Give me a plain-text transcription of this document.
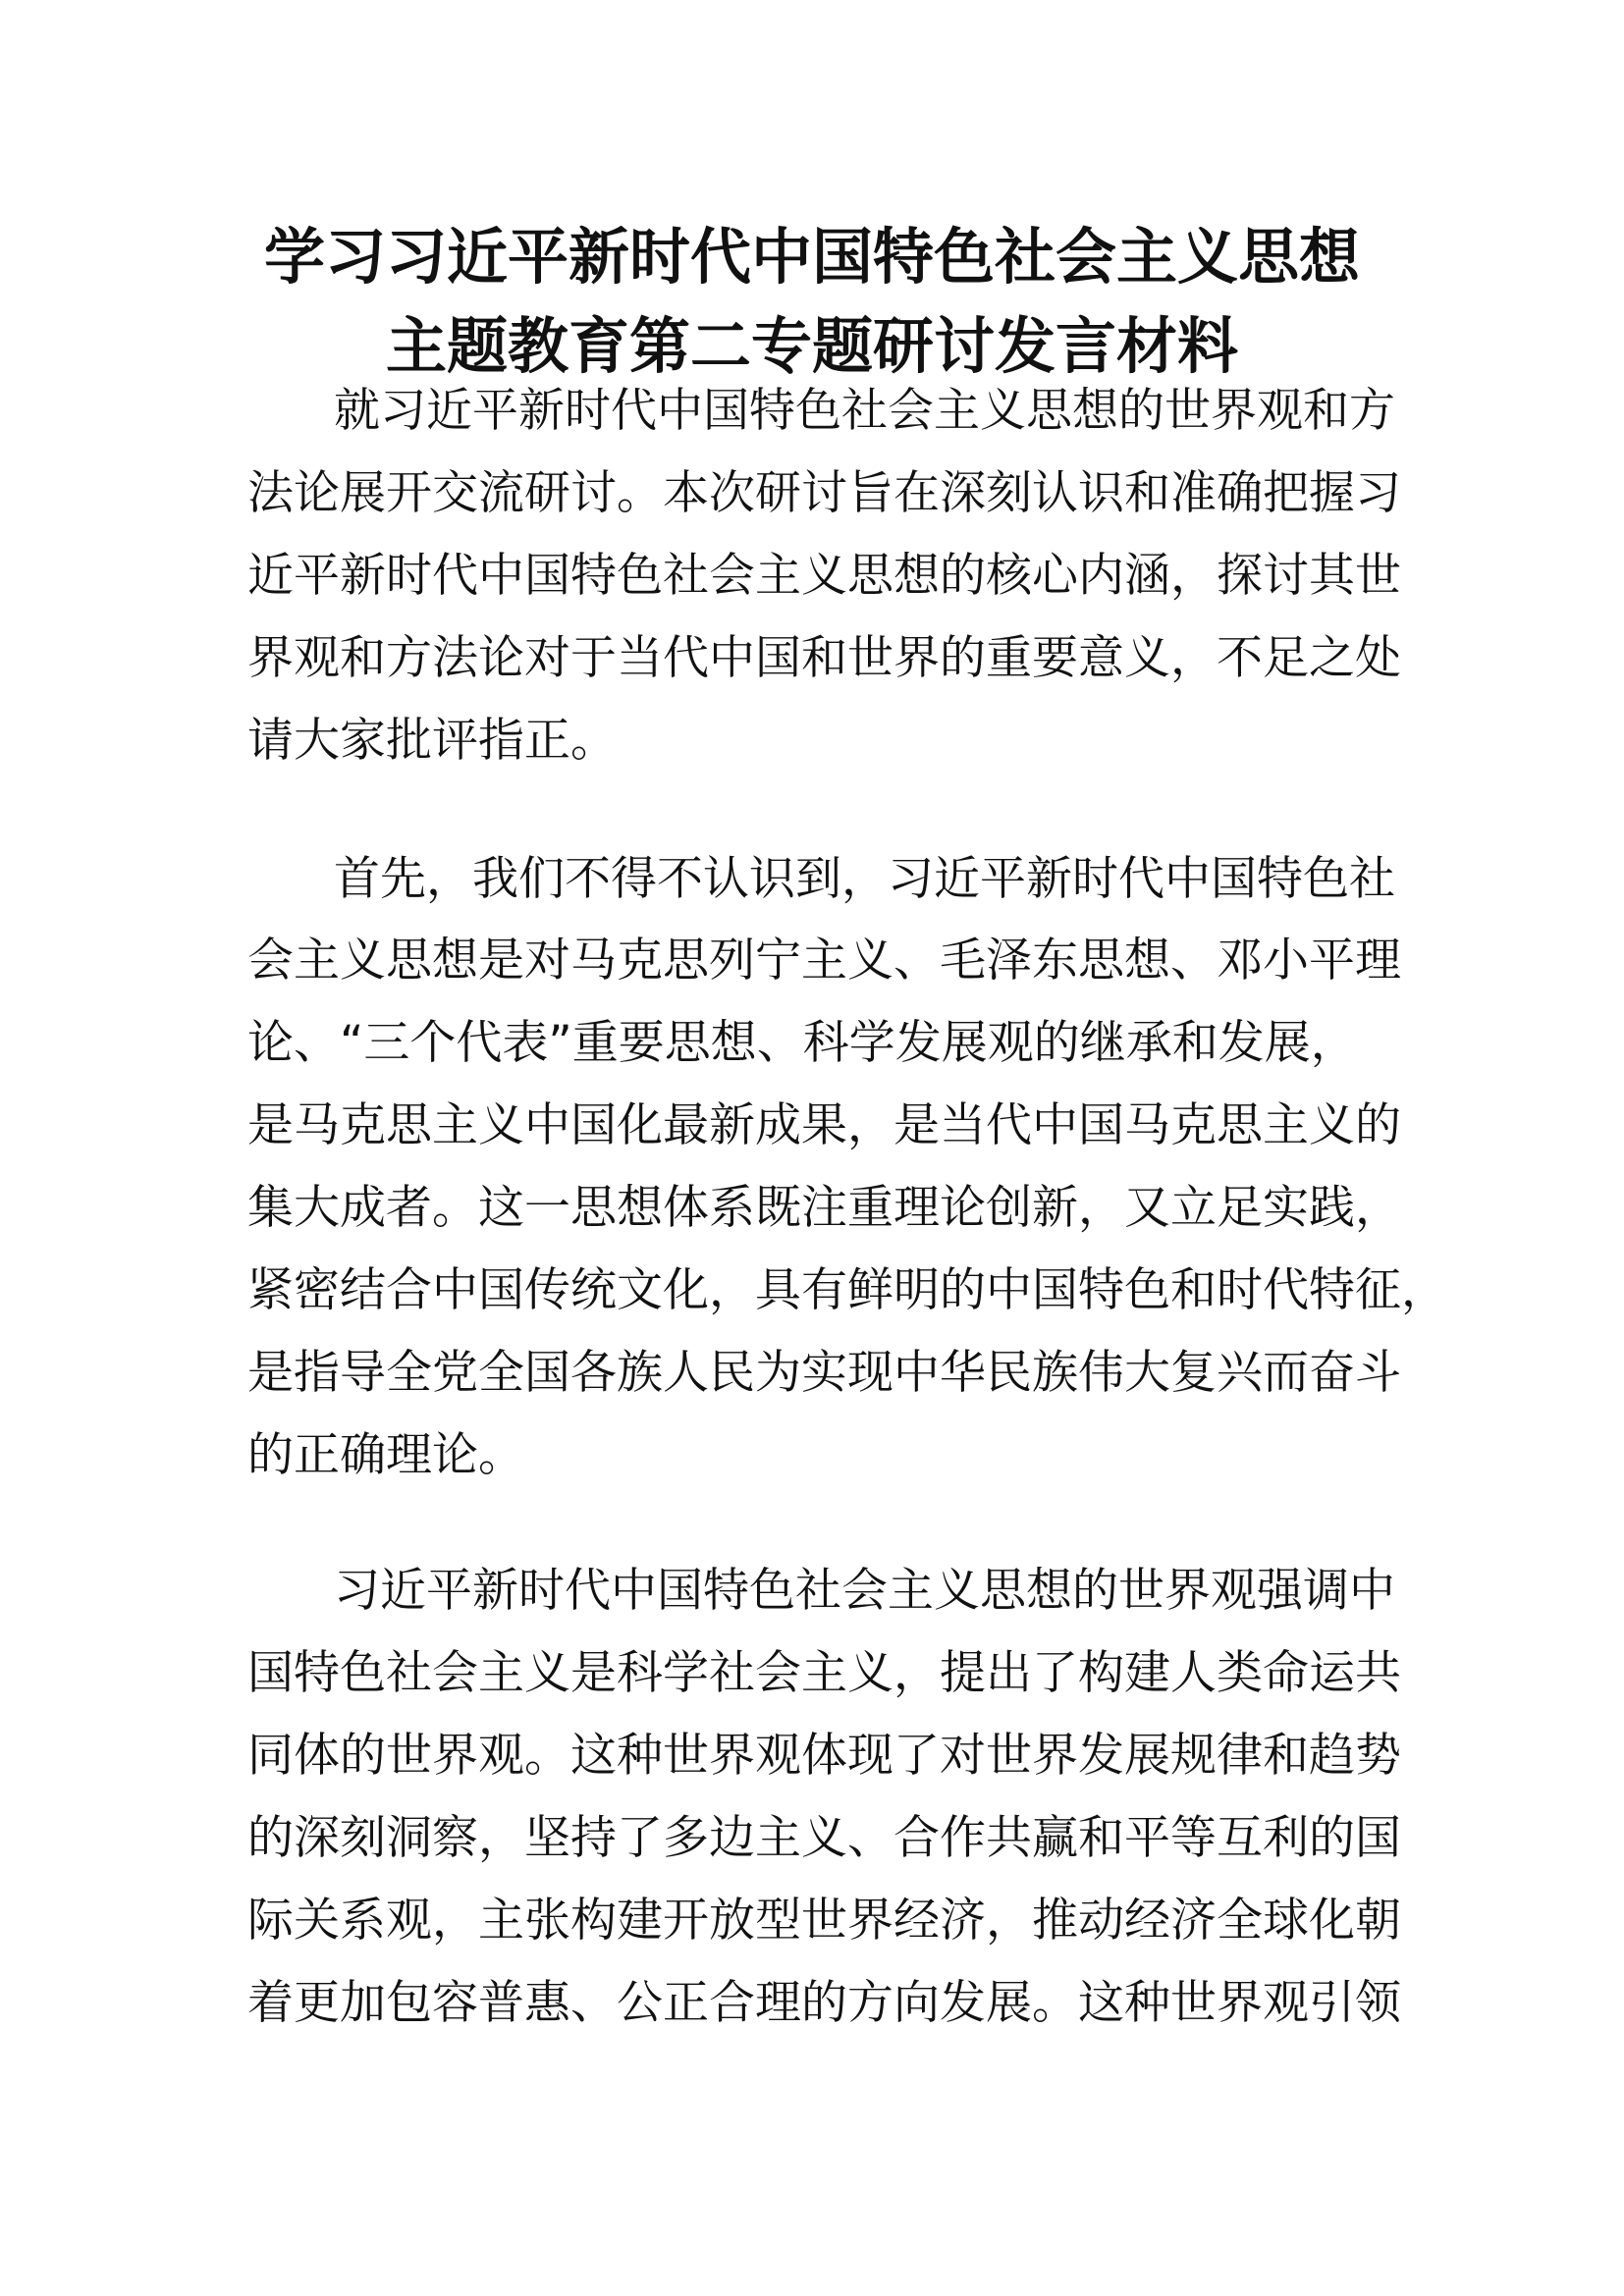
学习习近平新时代中国特色社会主义思想
主题教育第二专题研讨发言材料

就习近平新时代中国特色社会主义思想的世界观和方

法论展开交流研讨。本次研讨旨在深刻认识和准确把握习

近平新时代中国特色社会主义思想的核心内涵，探讨其世

界观和方法论对于当代中国和世界的重要意义，不足之处

请大家批评指正。

首先，我们不得不认识到，习近平新时代中国特色社

会主义思想是对马克思列宁主义、毛泽东思想、邓小平理

论、“三个代表”重要思想、科学发展观的继承和发展，

是马克思主义中国化最新成果，是当代中国马克思主义的

集大成者。这一思想体系既注重理论创新，又立足实践，

紧密结合中国传统文化，具有鲜明的中国特色和时代特征，

是指导全党全国各族人民为实现中华民族伟大复兴而奋斗

的正确理论。

习近平新时代中国特色社会主义思想的世界观强调中

国特色社会主义是科学社会主义，提出了构建人类命运共

同体的世界观。这种世界观体现了对世界发展规律和趋势

的深刻洞察，坚持了多边主义、合作共赢和平等互利的国

际关系观，主张构建开放型世界经济，推动经济全球化朝

着更加包容普惠、公正合理的方向发展。这种世界观引领
